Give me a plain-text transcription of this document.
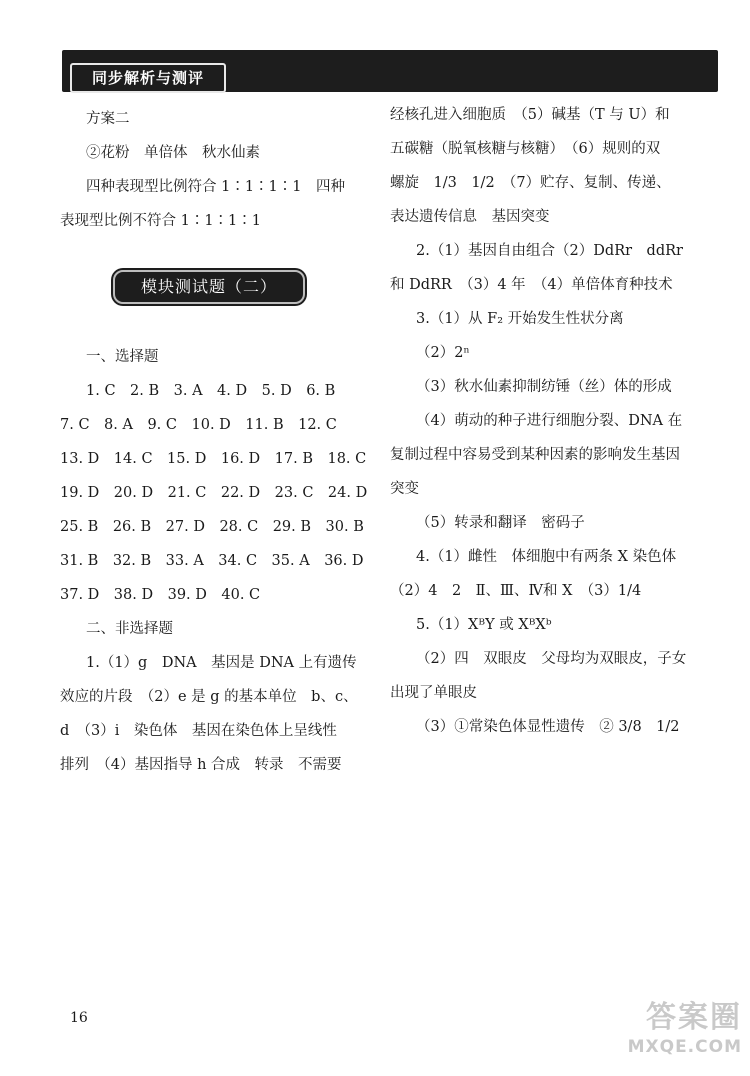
同步解析与测评
方案二
②花粉　单倍体　秋水仙素
四种表现型比例符合 1∶1∶1∶1　四种
表现型比例不符合 1∶1∶1∶1
一、选择题
1. C　2. B　3. A　4. D　5. D　6. B
7. C　8. A　9. C　10. D　11. B　12. C
13. D　14. C　15. D　16. D　17. B　18. C
19. D　20. D　21. C　22. D　23. C　24. D
25. B　26. B　27. D　28. C　29. B　30. B
31. B　32. B　33. A　34. C　35. A　36. D
37. D　38. D　39. D　40. C
二、非选择题
1.（1）g　DNA　基因是 DNA 上有遗传
效应的片段　（2）e 是 g 的基本单位　b、c、
d　（3）i　染色体　基因在染色体上呈线性
排列　（4）基因指导 h 合成　转录　不需要
模块测试题（二）
经核孔进入细胞质　（5）碱基（T 与 U）和
五碳糖（脱氧核糖与核糖）　（6）规则的双
螺旋　1/3　1/2　（7）贮存、复制、传递、
表达遗传信息　基因突变
2.（1）基因自由组合（2）DdRr　ddRr
和 DdRR　（3）4 年　（4）单倍体育种技术
3.（1）从 F₂ 开始发生性状分离
（2）2ⁿ
（3）秋水仙素抑制纺锤（丝）体的形成
（4）萌动的种子进行细胞分裂、DNA 在
复制过程中容易受到某种因素的影响发生基因
突变
（5）转录和翻译　密码子
4.（1）雌性　体细胞中有两条 X 染色体
（2）4　2　Ⅱ、Ⅲ、Ⅳ和 X　（3）1/4
5.（1）XᴮY 或 XᴮXᵇ
（2）四　双眼皮　父母均为双眼皮，子女
出现了单眼皮
（3）①常染色体显性遗传　② 3/8　1/2
16	答案圈
MXQE.COM
